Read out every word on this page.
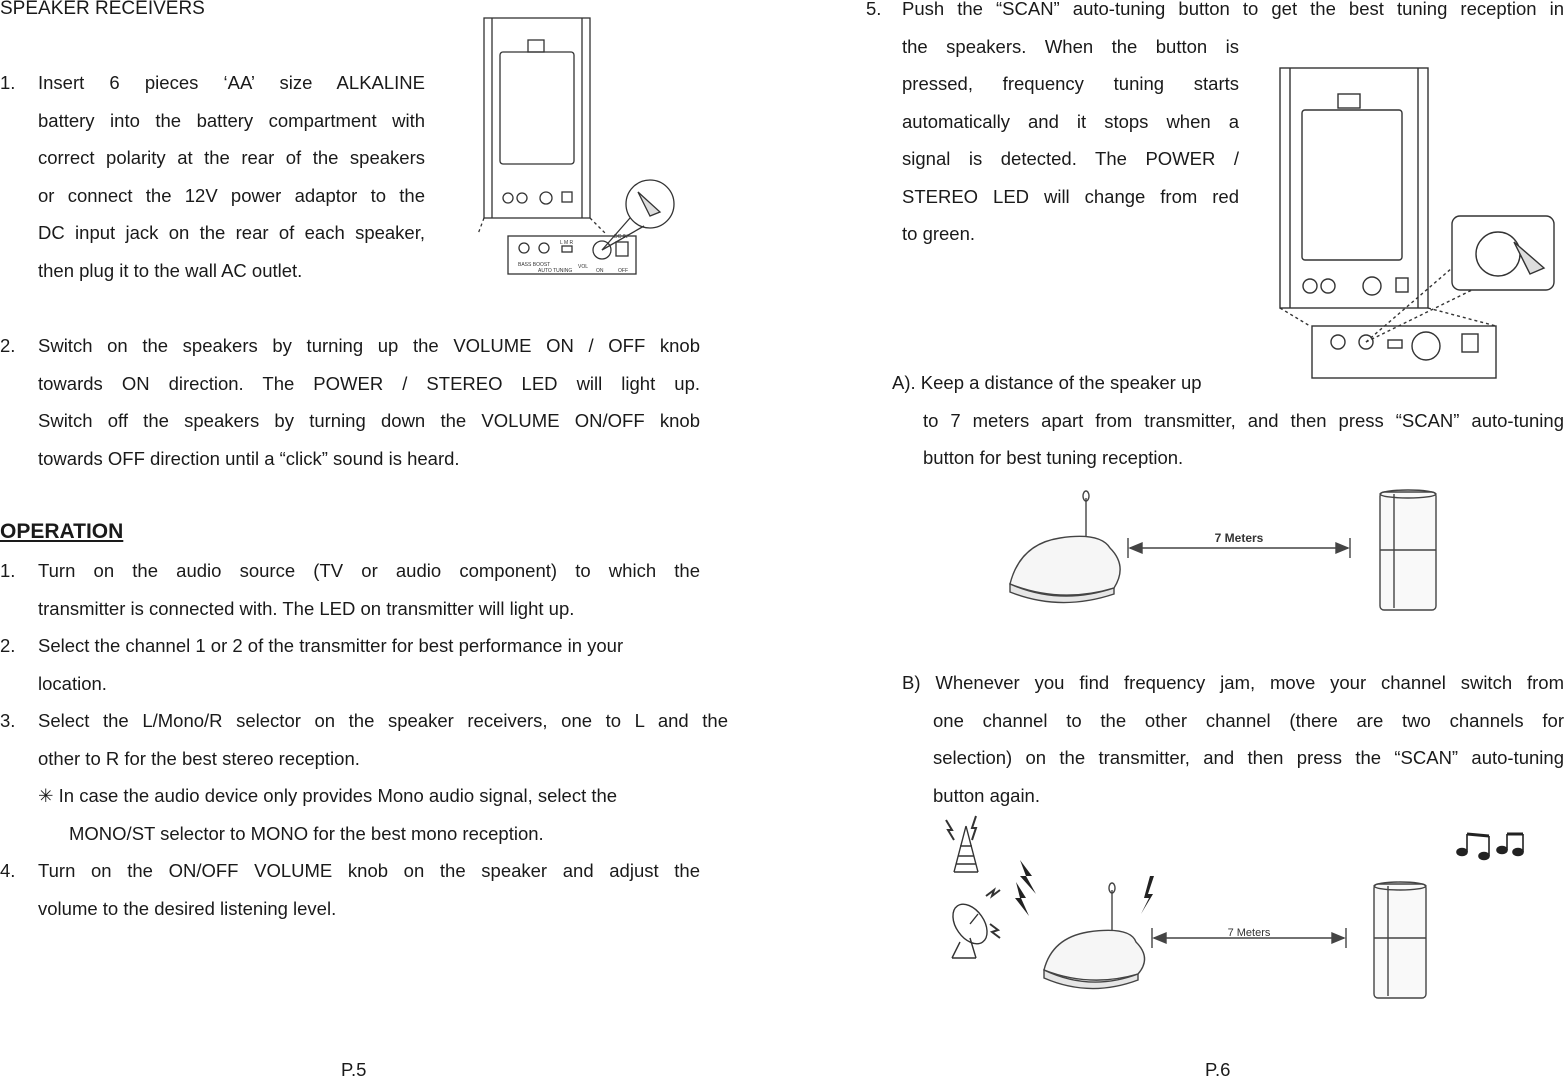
SPEAKER RECEIVERS
1. Insert 6 pieces ‘AA’ size ALKALINE
battery into the battery compartment with
correct polarity at the rear of the speakers
or connect the 12V power adaptor to the
DC input jack on the rear of each speaker,
then plug it to the wall AC outlet.
2. Switch on the speakers by turning up the VOLUME ON / OFF knob
towards ON direction. The POWER / STEREO LED will light up.
Switch off the speakers by turning down the VOLUME ON/OFF knob
towards OFF direction until a “click” sound is heard.
BASS BOOST
AUTO TUNING
L M R
VOL
DC IN
ON	OFF
OPERATION
1. Turn on the audio source (TV or audio component) to which the
transmitter is connected with. The LED on transmitter will light up.
2. Select the channel 1 or 2 of the transmitter for best performance in your
location.
3. Select the L/Mono/R selector on the speaker receivers, one to L and the
other to R for the best stereo reception.
✳ In case the audio device only provides Mono audio signal, select the
MONO/ST selector to MONO for the best mono reception.
4. Turn on the ON/OFF VOLUME knob on the speaker and adjust the
volume to the desired listening level.
P.5
5. Push the “SCAN” auto-tuning button to get the best tuning reception in
the speakers. When the button is
pressed, frequency tuning starts
automatically and it stops when a
signal is detected. The POWER /
STEREO LED will change from red
to green.
A). Keep a distance of the speaker up
to 7 meters apart from transmitter, and then press “SCAN” auto-tuning
button for best tuning reception.
7 Meters
B) Whenever you find frequency jam, move your channel switch from
one channel to the other channel (there are two channels for
selection) on the transmitter, and then press the “SCAN” auto-tuning
button again.
7 Meters
P.6
